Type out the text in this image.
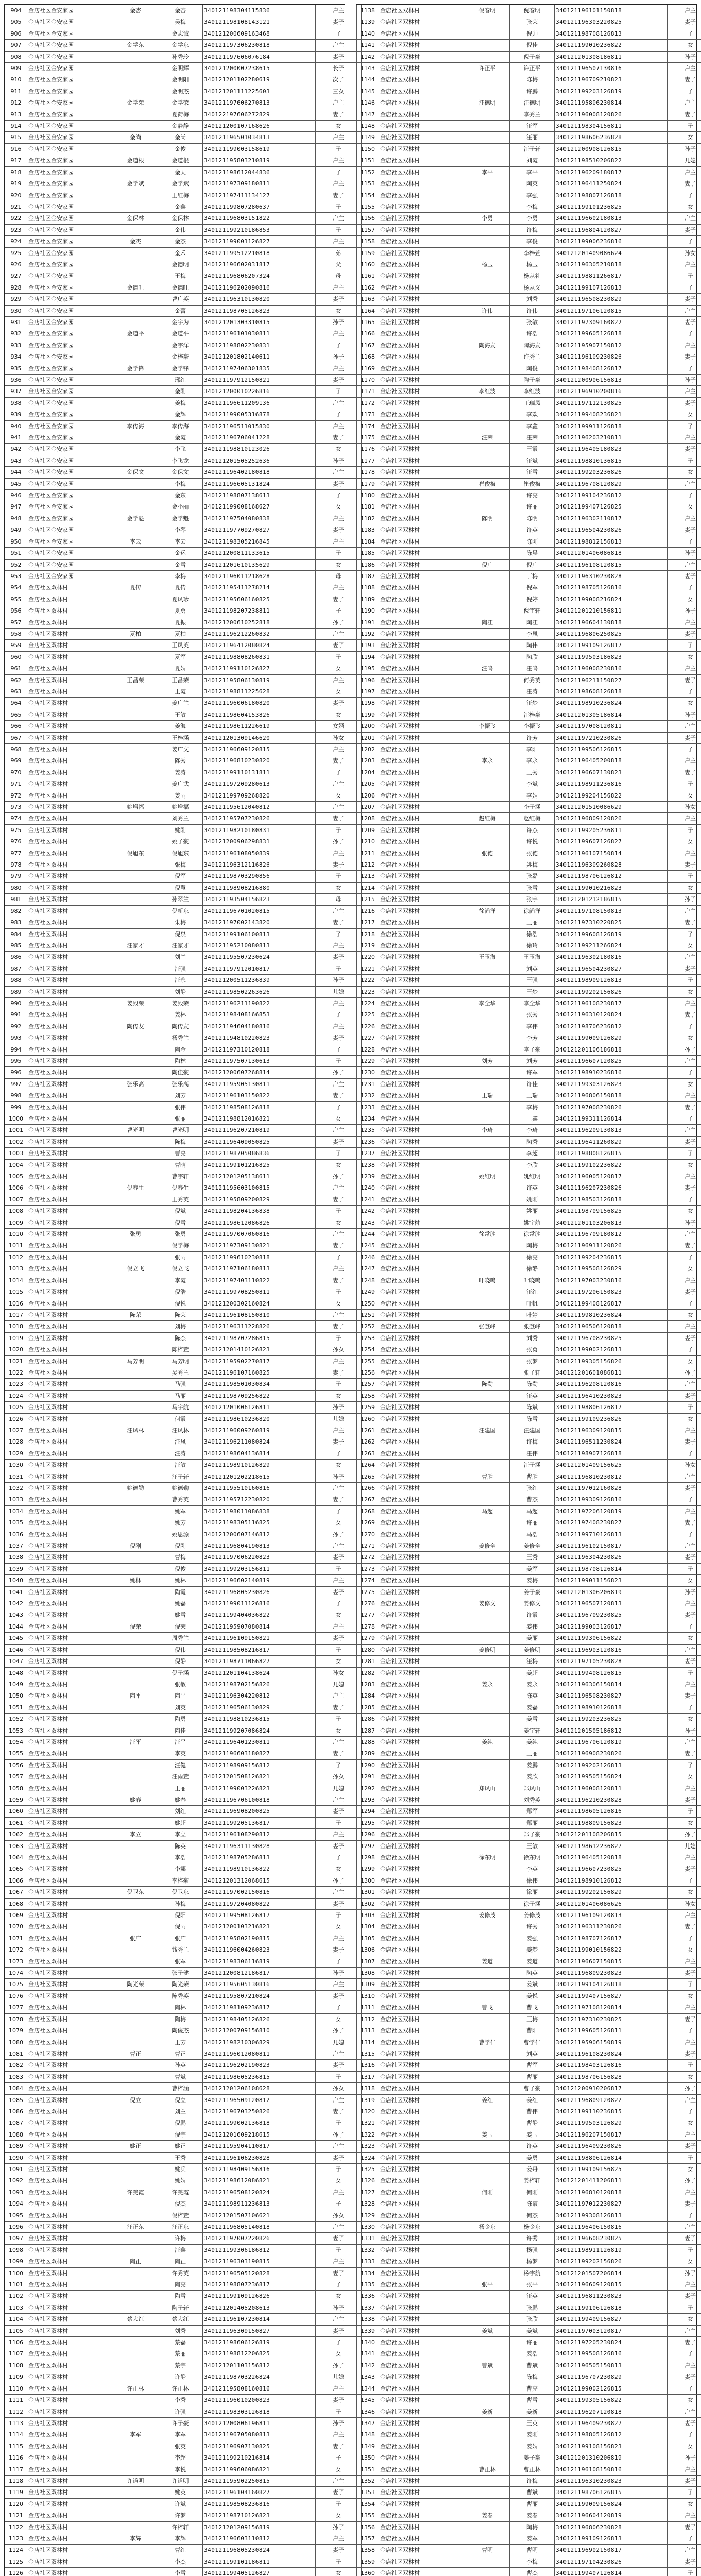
904	金店社区金安家园	金杏	金杏	340121198304115836	户主
905	金店社区金安家园		吴梅	340121198108143121	妻子
906	金店社区金安家园		金志诚	340121200609163468	子
907	金店社区金安家园	金学东	金学东	340121197306230818	户主
908	金店社区金安家园		孙秀玲	340121197606076184	妻子
909	金店社区金安家园		金明辉	340121200007238615	长子
910	金店社区金安家园		金明阳	340121201102280619	次子
911	金店社区金安家园		金明杰	340121201111225603	三女
912	金店社区金安家园	金学荣	金学荣	340121197606270813	户主
913	金店社区金安家园		夏荷梅	340122197606272829	妻子
914	金店社区金安家园		金静静	340121200107168626	女
915	金店社区金安家园	金尚	金尚	340121196501034813	户主
916	金店社区金安家园		金俊	340121199003158619	子
917	金店社区金安家园	金道根	金道根	340121195803210819	户主
918	金店社区金安家园		金天	340121198612044836	子
919	金店社区金安家园	金学斌	金学斌	340121197309180811	户主
920	金店社区金安家园		王红梅	340121197411134127	妻子
921	金店社区金安家园		金鑫	340121199807280637	子
922	金店社区金安家园	金保林	金保林	340121196803151822	户主
923	金店社区金安家园		金伟	340121199210186853	子
924	金店社区金安家园	金杰	金杰	340121199001126827	户主
925	金店社区金安家园		金禾	340121199512210818	弟
926	金店社区金安家园		金德明	340121196602031817	父
927	金店社区金安家园		王梅	340121196806207324	母
928	金店社区金安家园	金德旺	金德旺	340121196202090816	户主
929	金店社区金安家园		曹广英	340121196310130820	妻子
930	金店社区金安家园		金蕾	340121198705126823	女
931	金店社区金安家园		金宇为	340121201303310815	孙子
932	金店社区金安家园	金道平	金道平	340121196101030811	户主
933	金店社区金安家园		金宇洋	340121198802230831	子
934	金店社区金安家园		金梓豪	340121201802140611	孙子
935	金店社区金安家园	金学锋	金学锋	340121197406301835	户主
936	金店社区金安家园		邢红	340121197912150821	妻子
937	金店社区金安家园		金刚	340121200010226816	子
938	金店社区金安家园		姜梅	340121196611209136	户主
939	金店社区金安家园		金辉	340121199005316878	子
940	金店社区金安家园	李传海	李传海	340121196511015830	户主
941	金店社区金安家园		金霞	340121196706041228	妻子
942	金店社区金安家园		李飞	340121198810123026	女
943	金店社区金安家园		李飞龙	340121201505252636	孙子
944	金店社区金安家园	金保文	金保文	340121196402180818	户主
945	金店社区金安家园		李梅	340121196605131824	妻子
946	金店社区金安家园		金东	340121198807138613	子
947	金店社区金安家园		金小丽	340121199008168627	女
948	金店社区金安家园	金学魁	金学魁	340121197504080838	户主
949	金店社区金安家园		李琴	340121197709270827	妻子
950	金店社区金安家园	李云	李云	340121198305216845	户主
951	金店社区金安家园		金运	340121200811133615	子
952	金店社区金安家园		金雪	340121201610135629	女
953	金店社区金安家园		李梅	340121196011218628	母
954	金店社区双林村	夏传	夏传	340121195411278214	户主
955	金店社区双林村		夏凤珍	340121195606160825	妻子
956	金店社区双林村		夏勇	340121198207238811	子
957	金店社区双林村		夏振	340121200610252818	孙子
958	金店社区双林村	夏柏	夏柏	340121196212260832	户主
959	金店社区双林村		王凤英	340121196412080824	妻子
960	金店社区双林村		夏军	340121198808260831	子
961	金店社区双林村		夏娟	340121199110126827	女
962	金店社区双林村	王昌荣	王昌荣	340121195806130819	户主
963	金店社区双林村		王霞	340121198811225628	女
964	金店社区双林村		姜广兰	340121196006180820	妻子
965	金店社区双林村		王敏	340121198604153826	女
966	金店社区双林村		姜海	340121198611226619	女婿
967	金店社区双林村		王梓涵	340121201309146620	孙女
968	金店社区双林村		姜广文	340121196609120815	户主
969	金店社区双林村		陈秀	340121196810230820	妻子
970	金店社区双林村		姜涛	340121199110131811	子
971	金店社区双林村		姜广武	340121197209280613	户主
972	金店社区双林村		姜雨	340121199709268820	女
973	金店社区双林村	姚增福	姚增福	340121195612040812	户主
974	金店社区双林村		刘秀兰	340121195707230826	妻子
975	金店社区双林村		姚刚	340121198210180831	子
976	金店社区双林村		姚子豪	340121200906298831	孙子
977	金店社区双林村	倪旭东	倪旭东	340121196108050839	户主
978	金店社区双林村		张梅	340121196312116826	妻子
979	金店社区双林村		倪军	340121198703290856	子
980	金店社区双林村		倪慧	340121198908216880	女
981	金店社区双林村		孙翠兰	340121193504156823	母
982	金店社区双林村		倪新东	340121196701020815	户主
983	金店社区双林村		朱梅	340121197002143820	妻子
984	金店社区双林村		倪泉	340121199106100813	子
985	金店社区双林村	汪家才	汪家才	340121195210080813	户主
986	金店社区双林村		刘兰	340121195507230624	妻子
987	金店社区双林村		汪强	340121197912010817	子
988	金店社区双林村		汪永	340121200511236839	孙子
989	金店社区双林村		刘静	340121198502263626	儿媳
990	金店社区双林村	姜殿荣	姜殿荣	340121196211190822	户主
991	金店社区双林村		姜林	340121198408166853	子
992	金店社区双林村	陶传友	陶传友	340121194604180816	户主
993	金店社区双林村		杨秀兰	340121194810220823	妻子
994	金店社区双林村		陶金	340121197310120818	子
995	金店社区双林村		陶林	340121197507130613	子
996	金店社区双林村		陶佳豪	340121200607268814	孙子
997	金店社区双林村	张乐高	张乐高	340121195905130811	户主
998	金店社区双林村		刘芳	340121196103150822	妻子
999	金店社区双林村		张伟	340121198508126818	子
1000	金店社区双林村		张丽	340121198812016821	女
1001	金店社区双林村	曹光明	曹光明	340121196207210819	户主
1002	金店社区双林村		陈梅	340121196409050825	妻子
1003	金店社区双林村		曹亮	340121198705086836	子
1004	金店社区双林村		曹晴	340121199101216825	女
1005	金店社区双林村		曹宇轩	340121201205138611	孙子
1006	金店社区双林村	倪春生	倪春生	340121195603100815	户主
1007	金店社区双林村		王秀英	340121195809200829	妻子
1008	金店社区双林村		倪斌	340121198204136838	子
1009	金店社区双林村		倪雪	340121198612086826	女
1010	金店社区双林村	张勇	张勇	340121197007060816	户主
1011	金店社区双林村		倪学梅	340121197309130821	妻子
1012	金店社区双林村		张雨	340121199610230818	子
1013	金店社区双林村	倪立飞	倪立飞	340121197106180813	户主
1014	金店社区双林村		李霞	340121197403110822	妻子
1015	金店社区双林村		倪浩	340121199708250811	子
1016	金店社区双林村		倪悦	340121200302160824	女
1017	金店社区双林村	陈荣	陈荣	340121196108150810	户主
1018	金店社区双林村		刘梅	340121196311228826	妻子
1019	金店社区双林村		陈杰	340121198707286815	子
1020	金店社区双林村		陈梓萱	340121201410126823	孙女
1021	金店社区双林村	马芳明	马芳明	340121195902270817	户主
1022	金店社区双林村		吴秀兰	340121196107160825	妻子
1023	金店社区双林村		马强	340121198501030834	子
1024	金店社区双林村		马丽	340121198709256822	女
1025	金店社区双林村		马宇航	340121201006126811	孙子
1026	金店社区双林村		何霞	340121198610236820	儿媳
1027	金店社区双林村	汪凤林	汪凤林	340121196009260819	户主
1028	金店社区双林村		汪凤	340121196211080824	妻子
1029	金店社区双林村		汪涛	340121198604136814	子
1030	金店社区双林村		汪敏	340121198910126829	女
1031	金店社区双林村		汪子轩	340121201202218615	孙子
1032	金店社区双林村	姚德勤	姚德勤	340121195510160816	户主
1033	金店社区双林村		曹秀英	340121195712230820	妻子
1034	金店社区双林村		姚军	340121198011086838	子
1035	金店社区双林村		姚芳	340121198305116825	女
1036	金店社区双林村		姚思源	340121200607146812	孙子
1037	金店社区双林村	倪刚	倪刚	340121196804190813	户主
1038	金店社区双林村		曹梅	340121197006220823	妻子
1039	金店社区双林村		倪俊	340121199203156811	子
1040	金店社区双林村	姚林	姚林	340121196602140819	户主
1041	金店社区双林村		陶霞	340121196805230826	妻子
1042	金店社区双林村		姚磊	340121199011126816	子
1043	金店社区双林村		姚雪	340121199404036822	女
1044	金店社区双林村	倪荣	倪荣	340121195907080814	户主
1045	金店社区双林村		周秀兰	340121196109150821	妻子
1046	金店社区双林村		倪伟	340121198508216817	子
1047	金店社区双林村		倪静	340121198711066827	女
1048	金店社区双林村		倪子涵	340121201104138624	孙女
1049	金店社区双林村		张敏	340121198702156826	儿媳
1050	金店社区双林村	陶平	陶平	340121196304220812	户主
1051	金店社区双林村		刘英	340121196506130829	妻子
1052	金店社区双林村		陶勇	340121198810236815	子
1053	金店社区双林村		陶佳	340121199207086824	女
1054	金店社区双林村	汪平	汪平	340121196401230811	户主
1055	金店社区双林村		李英	340121196603180827	妻子
1056	金店社区双林村		汪健	340121198909156812	子
1057	金店社区双林村		汪雨萱	340121201508126821	孙女
1058	金店社区双林村		王丽	340121199003226823	儿媳
1059	金店社区双林村	姚春	姚春	340121196706100818	户主
1060	金店社区双林村		刘红	340121196908200825	妻子
1061	金店社区双林村		姚超	340121199205136817	子
1062	金店社区双林村	李立	李立	340121196108290812	户主
1063	金店社区双林村		陈英	340121196311130828	妻子
1064	金店社区双林村		李浩	340121198705286813	子
1065	金店社区双林村		李娜	340121198910136822	女
1066	金店社区双林村		李梓豪	340121201312068615	孙子
1067	金店社区双林村	倪卫东	倪卫东	340121197002150816	户主
1068	金店社区双林村		孙梅	340121197204080822	妻子
1069	金店社区双林村		倪阳	340121199508126817	子
1070	金店社区双林村		倪雨	340121200103216823	女
1071	金店社区双林村	张广	张广	340121195802190815	户主
1072	金店社区双林村		钱秀兰	340121196004260823	妻子
1073	金店社区双林村		张军	340121198306116819	子
1074	金店社区双林村		张子健	340121200812186817	孙子
1075	金店社区双林村	陶光荣	陶光荣	340121195605130816	户主
1076	金店社区双林村		陈秀英	340121195807210824	妻子
1077	金店社区双林村		陶林	340121198109236817	子
1078	金店社区双林村		陶梅	340121198405126826	女
1079	金店社区双林村		陶俊杰	340121200709156810	孙子
1080	金店社区双林村		王芳	340121198210306829	儿媳
1081	金店社区双林村	曹正	曹正	340121196012080811	户主
1082	金店社区双林村		孙英	340121196202190823	妻子
1083	金店社区双林村		曹斌	340121198605236815	子
1084	金店社区双林村		曹梓涵	340121201206108628	孙女
1085	金店社区双林村	倪立	倪立	340121196509120812	户主
1086	金店社区双林村		刘兰	340121196703250826	妻子
1087	金店社区双林村		倪鹏	340121199002136818	子
1088	金店社区双林村		倪宇	340121201609218615	孙子
1089	金店社区双林村	姚正	姚正	340121195904110817	户主
1090	金店社区双林村		王秀	340121196106230828	妻子
1091	金店社区双林村		姚兵	340121198409156816	子
1092	金店社区双林村		姚娟	340121198612086821	女
1093	金店社区双林村	许美霞	许美霞	340121196508120824	户主
1094	金店社区双林村		倪杰	340121198911236813	子
1095	金店社区双林村		倪梓萱	340121201507106621	孙女
1096	金店社区双林村	汪正东	汪正东	340121196805140818	户主
1097	金店社区双林村		许梅	340121197007220826	妻子
1098	金店社区双林村		汪鑫	340121199306186812	子
1099	金店社区双林村	陶正	陶正	340121196303190815	户主
1100	金店社区双林村		许秀英	340121196505120828	妻子
1101	金店社区双林村		陶亮	340121198807236817	子
1102	金店社区双林村		陶雪	340121199109126826	女
1103	金店社区双林村		陶子轩	340121201405208613	孙子
1104	金店社区双林村	蔡大红	蔡大红	340121196107230814	户主
1105	金店社区双林村		刘秀	340121196309150827	妻子
1106	金店社区双林村		蔡磊	340121198606126819	子
1107	金店社区双林村		蔡丽	340121198812206825	女
1108	金店社区双林村		蔡宇	340121201103156812	孙子
1109	金店社区双林村		许静	340121198703226824	儿媳
1110	金店社区双林村	许正林	许正林	340121195808160816	户主
1111	金店社区双林村		李秀	340121196010200823	妻子
1112	金店社区双林村		许强	340121198303126818	子
1113	金店社区双林村		许子豪	340121200806196811	孙子
1114	金店社区双林村	李军	李军	340121196705080813	户主
1115	金店社区双林村		张英	340121196907130825	妻子
1116	金店社区双林村		李超	340121199210216814	子
1117	金店社区双林村		李悦	340121199606086821	女
1118	金店社区双林村	许道明	许道明	340121195902250815	户主
1119	金店社区双林村		姚英	340121196104160827	妻子
1120	金店社区双林村		许斌	340121198508236816	子
1121	金店社区双林村		许梦	340121198710126823	女
1122	金店社区双林村		许梓轩	340121201209156819	孙子
1123	金店社区双林村	李辉	李辉	340121196603110812	户主
1124	金店社区双林村		曹红	340121196805230824	妻子
1125	金店社区双林村		李杰	340121199101186811	子
1126	金店社区双林村		李雪	340121199405126827	女

1138	金店社区双林村	倪春明	倪春明	340121196101150818	户主
1139	金店社区双林村		张荣	340121196303220825	妻子
1140	金店社区双林村		倪帅	340121198708126813	子
1141	金店社区双林村		倪佳	340121199010236822	女
1142	金店社区双林村		倪子豪	340121201308186811	孙子
1143	金店社区双林村	许正平	许正平	340121196507130816	户主
1144	金店社区双林村		陈梅	340121196709210823	妻子
1145	金店社区双林村		许鹏	340121199203126819	子
1146	金店社区双林村	汪德明	汪德明	340121195806230814	户主
1147	金店社区双林村		李秀兰	340121196008120826	妻子
1148	金店社区双林村		汪军	340121198304156811	子
1149	金店社区双林村		汪丽	340121198606236828	女
1150	金店社区双林村		汪子轩	340121200908126815	孙子
1151	金店社区双林村		刘霞	340121198510206822	儿媳
1152	金店社区双林村	李平	李平	340121196209180817	户主
1153	金店社区双林村		陶英	340121196411250824	妻子
1154	金店社区双林村		李强	340121198807126818	子
1155	金店社区双林村		李梅	340121199101236825	女
1156	金店社区双林村	李勇	李勇	340121196602180813	户主
1157	金店社区双林村		许梅	340121196804120827	妻子
1158	金店社区双林村		李俊	340121199006236816	子
1159	金店社区双林村		李梓萱	340121201409086624	孙女
1160	金店社区双林村	杨玉	杨玉	340121196305210818	户主
1161	金店社区双林村		杨从礼	340121198811266817	子
1162	金店社区双林村		杨从义	340121199107126813	子
1163	金店社区双林村		刘秀	340121196508230829	妻子
1164	金店社区双林村	许伟	许伟	340121197106120815	户主
1165	金店社区双林村		张敏	340121197309160822	妻子
1166	金店社区双林村		许浩	340121199605126818	子
1167	金店社区双林村	陶海友	陶海友	340121195907150812	户主
1168	金店社区双林村		许秀兰	340121196109230826	妻子
1169	金店社区双林村		陶俊	340121198408126817	子
1170	金店社区双林村		陶子豪	340121200906156813	孙子
1171	金店社区双林村	李红波	李红波	340121196910200816	户主
1172	金店社区双林村		丁瑞凤	340121197112130825	妻子
1173	金店社区双林村		李欢	340121199408236821	女
1174	金店社区双林村		李鑫	340121199911126818	子
1175	金店社区双林村	汪荣	汪荣	340121196203210811	户主
1176	金店社区双林村		王霞	340121196405180823	妻子
1177	金店社区双林村		汪斌	340121198810136815	子
1178	金店社区双林村		汪雪	340121199203236826	女
1179	金店社区双林村	崔俊梅	崔俊梅	340121196708120829	户主
1180	金店社区双林村		许亮	340121199104236812	子
1181	金店社区双林村		许丽	340121199407126825	女
1182	金店社区双林村	陈明	陈明	340121196302110817	户主
1183	金店社区双林村		许英	340121196504230826	妻子
1184	金店社区双林村		陈刚	340121198812156813	子
1185	金店社区双林村		陈晨	340121201406086818	孙子
1186	金店社区双林村	倪广	倪广	340121196108120815	户主
1187	金店社区双林村		丁梅	340121196310230828	妻子
1188	金店社区双林村		倪军	340121198705126816	子
1189	金店社区双林村		倪婷	340121199008216824	女
1190	金店社区双林村		倪宇轩	340121201210156811	孙子
1191	金店社区双林村	陶江	陶江	340121196604130818	户主
1192	金店社区双林村		李凤	340121196806250825	妻子
1193	金店社区双林村		陶伟	340121199109126817	子
1194	金店社区双林村		陶欣	340121199503186823	女
1195	金店社区双林村	汪鸣	汪鸣	340121196008230816	户主
1196	金店社区双林村		何秀英	340121196211150827	妻子
1197	金店社区双林村		汪涛	340121198608126818	子
1198	金店社区双林村		汪梦	340121198910236824	女
1199	金店社区双林村		汪梓豪	340121201305186814	孙子
1200	金店社区双林村	李振飞	李振飞	340121197008120811	户主
1201	金店社区双林村		许芳	340121197210230826	妻子
1202	金店社区双林村		李阳	340121199506126815	子
1203	金店社区双林村	李永	李永	340121196405200818	户主
1204	金店社区双林村		王秀	340121196607130823	妻子
1205	金店社区双林村		李斌	340121198911236816	子
1206	金店社区双林村		李娟	340121199204156822	女
1207	金店社区双林村		李子涵	340121201510086629	孙女
1208	金店社区双林村	赵红梅	赵红梅	340121196809120826	户主
1209	金店社区双林村		许杰	340121199205236811	子
1210	金店社区双林村		许悦	340121199607126827	女
1211	金店社区双林村	张德	张德	340121196107150814	户主
1212	金店社区双林村		姚梅	340121196309260828	妻子
1213	金店社区双林村		张磊	340121198706126812	子
1214	金店社区双林村		张雪	340121199010216823	女
1215	金店社区双林村		张宇	340121201212186815	孙子
1216	金店社区双林村	徐尚洋	徐尚洋	340121197108150813	户主
1217	金店社区双林村		王丽	340121197310220825	妻子
1218	金店社区双林村		徐浩	340121199608126819	子
1219	金店社区双林村		徐玲	340121199211266824	女
1220	金店社区双林村	王玉海	王玉海	340121196302180816	户主
1221	金店社区双林村		刘英	340121196504230827	妻子
1222	金店社区双林村		王强	340121198909126813	子
1223	金店社区双林村		王梦	340121199202156826	女
1224	金店社区双林村	李全华	李全华	340121196108230817	户主
1225	金店社区双林村		张秀	340121196310120824	妻子
1226	金店社区双林村		李伟	340121198706236812	子
1227	金店社区双林村		李芳	340121199009126829	女
1228	金店社区双林村		李子豪	340121201106186818	孙子
1229	金店社区双林村	刘芳	刘芳	340121196607120825	户主
1230	金店社区双林村		许军	340121198910236816	子
1231	金店社区双林村		许佳	340121199303126823	女
1232	金店社区双林村	王瑞	王瑞	340121196806150818	户主
1233	金店社区双林村		李梅	340121197008230826	妻子
1234	金店社区双林村		王鑫	340121199311126814	子
1235	金店社区双林村	李琦	李琦	340121196209130813	户主
1236	金店社区双林村		陶秀	340121196411260829	妻子
1237	金店社区双林村		李超	340121198808126815	子
1238	金店社区双林村		李欣	340121199102236822	女
1239	金店社区双林村	姚维明	姚维明	340121196005120817	户主
1240	金店社区双林村		许英	340121196207230826	妻子
1241	金店社区双林村		姚刚	340121198503126818	子
1242	金店社区双林村		姚丽	340121198709156825	女
1243	金店社区双林村		姚宇航	340121201103206813	孙子
1244	金店社区双林村	徐常胜	徐常胜	340121196709180812	户主
1245	金店社区双林村		陶梅	340121196911120826	妻子
1246	金店社区双林村		徐亮	340121199204236815	子
1247	金店社区双林村		徐静	340121199508126829	女
1248	金店社区双林村	叶晓鸣	叶晓鸣	340121197003230816	户主
1249	金店社区双林村		汪红	340121197206150823	妻子
1250	金店社区双林村		叶帆	340121199408126817	子
1251	金店社区双林村		叶婷	340121199810236824	女
1252	金店社区双林村	张登峰	张登峰	340121196506120818	户主
1253	金店社区双林村		刘秀	340121196708230825	妻子
1254	金店社区双林村		张勇	340121199002126813	子
1255	金店社区双林村		张梦	340121199305156826	女
1256	金店社区双林村		张子轩	340121201601086811	孙子
1257	金店社区双林村	陈勤	陈勤	340121196208120816	户主
1258	金店社区双林村		汪英	340121196410230823	妻子
1259	金店社区双林村		陈斌	340121198806126817	子
1260	金店社区双林村		陈雪	340121199109236826	女
1261	金店社区双林村	汪建国	汪建国	340121196309120815	户主
1262	金店社区双林村		许梅	340121196511230824	妻子
1263	金店社区双林村		汪伟	340121198907126818	子
1264	金店社区双林村		汪子涵	340121201409156625	孙女
1265	金店社区双林村	曹胜	曹胜	340121196810230812	户主
1266	金店社区双林村		张红	340121197012160828	妻子
1267	金店社区双林村		曹杰	340121199309126816	子
1268	金店社区双林村	马超	马超	340121197206120819	户主
1269	金店社区双林村		许丽	340121197408230827	妻子
1270	金店社区双林村		马浩	340121199710126813	子
1271	金店社区双林村	姜修全	姜修全	340121196102150817	户主
1272	金店社区双林村		王秀	340121196304230826	妻子
1273	金店社区双林村		姜军	340121198708126814	子
1274	金店社区双林村		姜梅	340121199011156823	女
1275	金店社区双林村		姜子豪	340121201306206819	孙子
1276	金店社区双林村	姜修文	姜修文	340121196507120813	户主
1277	金店社区双林村		许霞	340121196709230825	妻子
1278	金店社区双林村		姜伟	340121199003126817	子
1279	金店社区双林村		姜丽	340121199306156822	女
1280	金店社区双林村	姜修明	姜修明	340121196903120816	户主
1281	金店社区双林村		汪梅	340121197105230828	妻子
1282	金店社区双林村		姜超	340121199408126815	子
1283	金店社区双林村	姜永	姜永	340121196306150814	户主
1284	金店社区双林村		陈英	340121196508230827	妻子
1285	金店社区双林村		姜磊	340121198910126818	子
1286	金店社区双林村		姜雪	340121199203236825	女
1287	金店社区双林村		姜宇轩	340121201505186812	孙子
1288	金店社区双林村	姜纯	姜纯	340121196706120819	户主
1289	金店社区双林村		王丽	340121196908230826	妻子
1290	金店社区双林村		姜鹏	340121199202126813	子
1291	金店社区双林村		姜欣	340121199505156824	女
1292	金店社区双林村	郑凤山	郑凤山	340121196008120811	户主
1293	金店社区双林村		刘秀英	340121196210230828	妻子
1294	金店社区双林村		郑军	340121198605126816	子
1295	金店社区双林村		郑丽	340121198809156823	女
1296	金店社区双林村		郑子豪	340121201108206815	孙子
1297	金店社区双林村		王敏	340121198612236827	儿媳
1298	金店社区双林村	徐东明	徐东明	340121196405120818	户主
1299	金店社区双林村		李英	340121196607230825	妻子
1300	金店社区双林村		徐伟	340121198910126812	子
1301	金店社区双林村		徐丽	340121199202156829	女
1302	金店社区双林村		徐子涵	340121201406086626	孙女
1303	金店社区双林村	姜修茂	姜修茂	340121196109120813	户主
1304	金店社区双林村		许秀	340121196311230826	妻子
1305	金店社区双林村		姜强	340121198707126817	子
1306	金店社区双林村		姜梦	340121199010156822	女
1307	金店社区双林村	姜道	姜道	340121196607150815	户主
1308	金店社区双林村		陶英	340121196809230823	妻子
1309	金店社区双林村		姜斌	340121199104126818	子
1310	金店社区双林村		姜悦	340121199407156827	女
1311	金店社区双林村	曹飞	曹飞	340121197108120814	户主
1312	金店社区双林村		王梅	340121197310230825	妻子
1313	金店社区双林村		曹阳	340121199605126811	子
1314	金店社区双林村	曹学仁	曹学仁	340121195906150819	户主
1315	金店社区双林村		刘英	340121196108230824	妻子
1316	金店社区双林村		曹军	340121198403126816	子
1317	金店社区双林村		曹丽	340121198706156828	女
1318	金店社区双林村		曹子豪	340121200910206817	孙子
1319	金店社区双林村	姜红	姜红	340121196809120822	户主
1320	金店社区双林村		曹伟	340121199110236815	子
1321	金店社区双林村		曹静	340121199503126829	女
1322	金店社区双林村	姜玉	姜玉	340121196207150817	户主
1323	金店社区双林村		许英	340121196409230826	妻子
1324	金店社区双林村		姜勇	340121198806126814	子
1325	金店社区双林村		姜丹	340121199109156825	女
1326	金店社区双林村		姜梓轩	340121201411206811	孙子
1327	金店社区双林村	何刚	何刚	340121196810120818	户主
1328	金店社区双林村		陈霞	340121197012230827	妻子
1329	金店社区双林村		何杰	340121199308126813	子
1330	金店社区双林村	杨金东	杨金东	340121196406150816	户主
1331	金店社区双林村		许秀	340121196608230825	妻子
1332	金店社区双林村		杨强	340121198911126819	子
1333	金店社区双林村		杨梦	340121199202156826	女
1334	金店社区双林村		杨宇航	340121201507206814	孙子
1335	金店社区双林村	张平	张平	340121196609120815	户主
1336	金店社区双林村		汪英	340121196811230823	妻子
1337	金店社区双林村		张鹏	340121199106126818	子
1338	金店社区双林村		张欣	340121199409156827	女
1339	金店社区双林村	姜斌	姜斌	340121197003120817	户主
1340	金店社区双林村		许丽	340121197205230824	妻子
1341	金店社区双林村		姜浩	340121199508126816	子
1342	金店社区双林村	曹斌	曹斌	340121196505150813	户主
1343	金店社区双林村		陈梅	340121196707230829	妻子
1344	金店社区双林村		曹亮	340121199002126815	子
1345	金店社区双林村		曹雪	340121199305156822	女
1346	金店社区双林村	姜新	姜新	340121196207120818	户主
1347	金店社区双林村		王英	340121196409230827	妻子
1348	金店社区双林村		姜刚	340121198805126812	子
1349	金店社区双林村		姜娟	340121199108156823	女
1350	金店社区双林村		姜子豪	340121201310206819	孙子
1351	金店社区双林村	曹正林	曹正林	340121196108150816	户主
1352	金店社区双林村		许梅	340121196310230823	妻子
1353	金店社区双林村		曹斌	340121198706126815	子
1354	金店社区双林村		曹丽	340121199009156824	女
1355	金店社区双林村	姜春	姜春	340121196604120819	户主
1356	金店社区双林村		陶梅	340121196806230828	妻子
1357	金店社区双林村		姜军	340121199109126813	子
1358	金店社区双林村	曹明	曹明	340121196902150817	户主
1359	金店社区双林村		李梅	340121197104230826	妻子
1360	金店社区双林村		曹杰	340121199407126814	子
